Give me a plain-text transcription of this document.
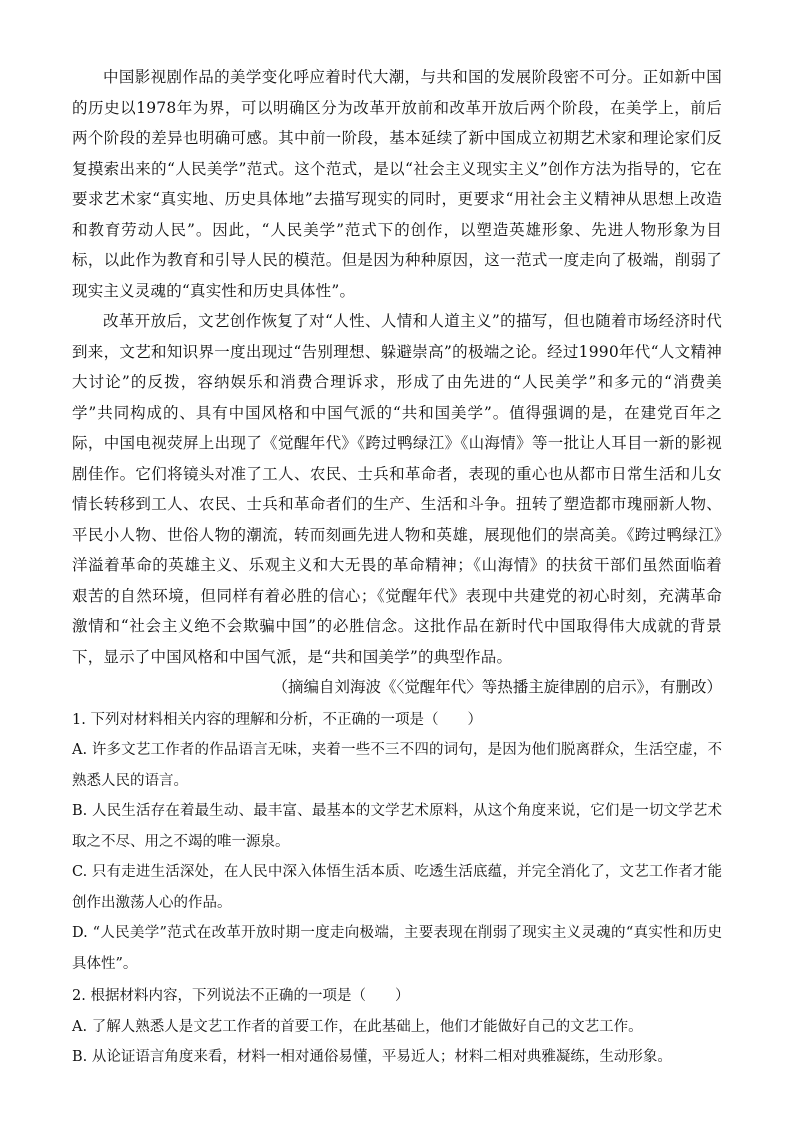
中国影视剧作品的美学变化呼应着时代大潮，与共和国的发展阶段密不可分。正如新中国的历史以1978年为界，可以明确区分为改革开放前和改革开放后两个阶段，在美学上，前后两个阶段的差异也明确可感。其中前一阶段，基本延续了新中国成立初期艺术家和理论家们反复摸索出来的“人民美学”范式。这个范式，是以“社会主义现实主义”创作方法为指导的，它在要求艺术家“真实地、历史具体地”去描写现实的同时，更要求“用社会主义精神从思想上改造和教育劳动人民”。因此，“人民美学”范式下的创作，以塑造英雄形象、先进人物形象为目标，以此作为教育和引导人民的模范。但是因为种种原因，这一范式一度走向了极端，削弱了现实主义灵魂的“真实性和历史具体性”。

改革开放后，文艺创作恢复了对“人性、人情和人道主义”的描写，但也随着市场经济时代到来，文艺和知识界一度出现过“告别理想、躲避崇高”的极端之论。经过1990年代“人文精神大讨论”的反拨，容纳娱乐和消费合理诉求，形成了由先进的“人民美学”和多元的“消费美学”共同构成的、具有中国风格和中国气派的“共和国美学”。值得强调的是，在建党百年之际，中国电视荧屏上出现了《觉醒年代》《跨过鸭绿江》《山海情》等一批让人耳目一新的影视剧佳作。它们将镜头对准了工人、农民、士兵和革命者，表现的重心也从都市日常生活和儿女情长转移到工人、农民、士兵和革命者们的生产、生活和斗争。扭转了塑造都市瑰丽新人物、平民小人物、世俗人物的潮流，转而刻画先进人物和英雄，展现他们的崇高美。《跨过鸭绿江》洋溢着革命的英雄主义、乐观主义和大无畏的革命精神；《山海情》的扶贫干部们虽然面临着艰苦的自然环境，但同样有着必胜的信心；《觉醒年代》表现中共建党的初心时刻，充满革命激情和“社会主义绝不会欺骗中国”的必胜信念。这批作品在新时代中国取得伟大成就的背景下，显示了中国风格和中国气派，是“共和国美学”的典型作品。

（摘编自刘海波《〈觉醒年代〉等热播主旋律剧的启示》，有删改）

1. 下列对材料相关内容的理解和分析，不正确的一项是（　　）

A. 许多文艺工作者的作品语言无味，夹着一些不三不四的词句，是因为他们脱离群众，生活空虚，不熟悉人民的语言。

B. 人民生活存在着最生动、最丰富、最基本的文学艺术原料，从这个角度来说，它们是一切文学艺术取之不尽、用之不竭的唯一源泉。

C. 只有走进生活深处，在人民中深入体悟生活本质、吃透生活底蕴，并完全消化了，文艺工作者才能创作出激荡人心的作品。

D. “人民美学”范式在改革开放时期一度走向极端，主要表现在削弱了现实主义灵魂的“真实性和历史具体性”。

2. 根据材料内容，下列说法不正确的一项是（　　）

A. 了解人熟悉人是文艺工作者的首要工作，在此基础上，他们才能做好自己的文艺工作。

B. 从论证语言角度来看，材料一相对通俗易懂，平易近人；材料二相对典雅凝练，生动形象。
